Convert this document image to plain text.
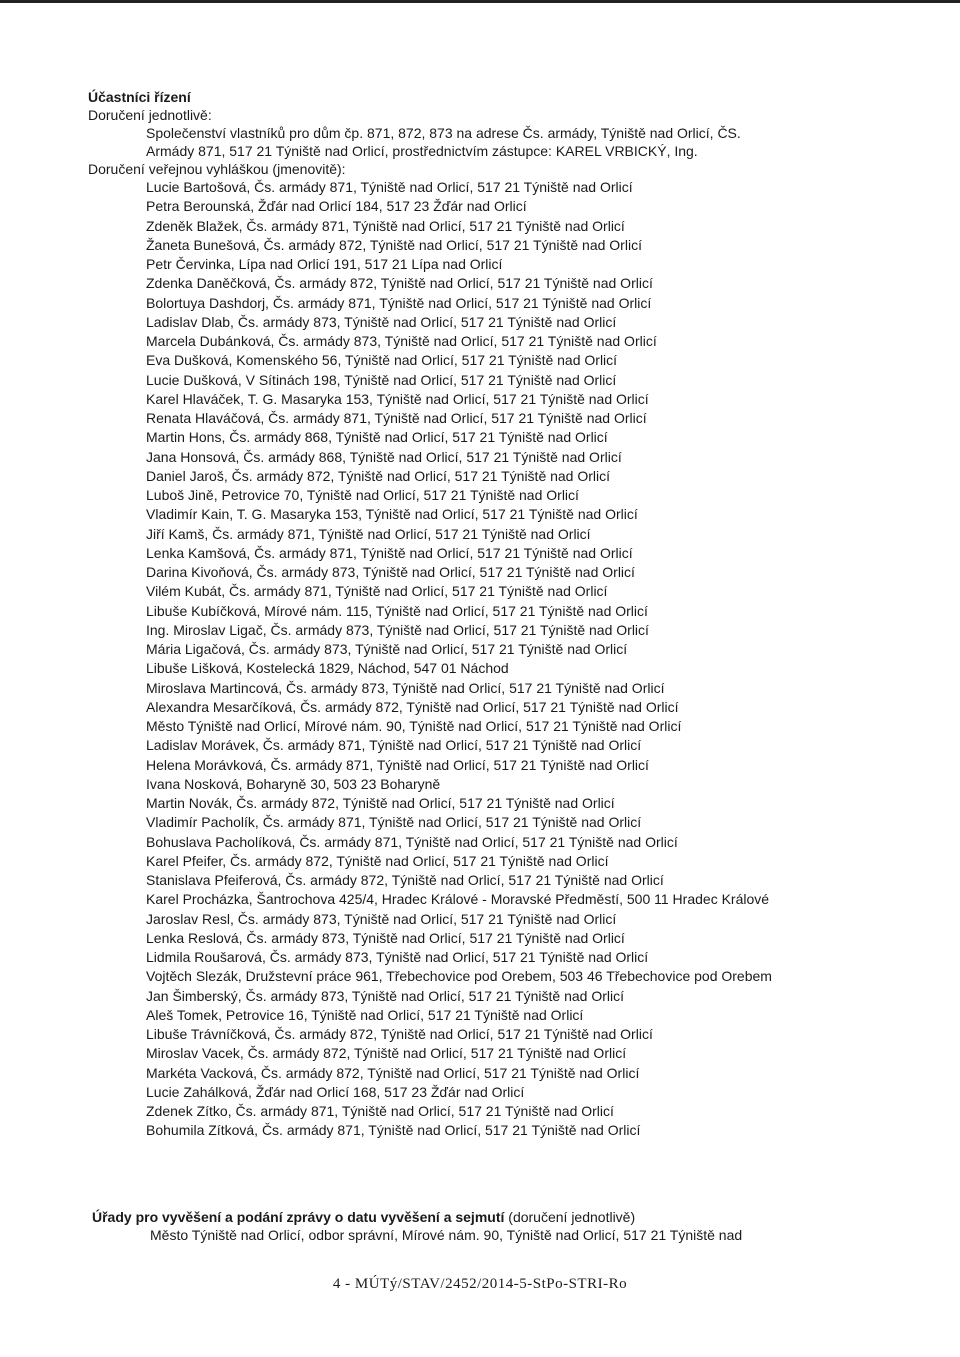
Účastníci řízení
Doručení jednotlivě:
Společenství vlastníků pro dům čp. 871, 872, 873 na adrese Čs. armády, Týniště nad Orlicí, ČS.
Armády 871, 517 21 Týniště nad Orlicí, prostřednictvím zástupce: KAREL VRBICKÝ, Ing.
Doručení veřejnou vyhláškou (jmenovitě):
Lucie Bartošová, Čs. armády 871, Týniště nad Orlicí, 517 21 Týniště nad Orlicí
Petra Berounská, Žďár nad Orlicí 184, 517 23 Žďár nad Orlicí
Zdeněk Blažek, Čs. armády 871, Týniště nad Orlicí, 517 21 Týniště nad Orlicí
Žaneta Bunešová, Čs. armády 872, Týniště nad Orlicí, 517 21 Týniště nad Orlicí
Petr Červinka, Lípa nad Orlicí 191, 517 21 Lípa nad Orlicí
Zdenka Daněčková, Čs. armády 872, Týniště nad Orlicí, 517 21 Týniště nad Orlicí
Bolortuya Dashdorj, Čs. armády 871, Týniště nad Orlicí, 517 21 Týniště nad Orlicí
Ladislav Dlab, Čs. armády 873, Týniště nad Orlicí, 517 21 Týniště nad Orlicí
Marcela Dubánková, Čs. armády 873, Týniště nad Orlicí, 517 21 Týniště nad Orlicí
Eva Dušková, Komenského 56, Týniště nad Orlicí, 517 21 Týniště nad Orlicí
Lucie Dušková, V Sítinách 198, Týniště nad Orlicí, 517 21 Týniště nad Orlicí
Karel Hlaváček, T. G. Masaryka 153, Týniště nad Orlicí, 517 21 Týniště nad Orlicí
Renata Hlaváčová, Čs. armády 871, Týniště nad Orlicí, 517 21 Týniště nad Orlicí
Martin Hons, Čs. armády 868, Týniště nad Orlicí, 517 21 Týniště nad Orlicí
Jana Honsová, Čs. armády 868, Týniště nad Orlicí, 517 21 Týniště nad Orlicí
Daniel Jaroš, Čs. armády 872, Týniště nad Orlicí, 517 21 Týniště nad Orlicí
Luboš Jině, Petrovice 70, Týniště nad Orlicí, 517 21 Týniště nad Orlicí
Vladimír Kain, T. G. Masaryka 153, Týniště nad Orlicí, 517 21 Týniště nad Orlicí
Jiří Kamš, Čs. armády 871, Týniště nad Orlicí, 517 21 Týniště nad Orlicí
Lenka Kamšová, Čs. armády 871, Týniště nad Orlicí, 517 21 Týniště nad Orlicí
Darina Kivoňová, Čs. armády 873, Týniště nad Orlicí, 517 21 Týniště nad Orlicí
Vilém Kubát, Čs. armády 871, Týniště nad Orlicí, 517 21 Týniště nad Orlicí
Libuše Kubíčková, Mírové nám. 115, Týniště nad Orlicí, 517 21 Týniště nad Orlicí
Ing. Miroslav Ligač, Čs. armády 873, Týniště nad Orlicí, 517 21 Týniště nad Orlicí
Mária Ligačová, Čs. armády 873, Týniště nad Orlicí, 517 21 Týniště nad Orlicí
Libuše Lišková, Kostelecká 1829, Náchod, 547 01 Náchod
Miroslava Martincová, Čs. armády 873, Týniště nad Orlicí, 517 21 Týniště nad Orlicí
Alexandra Mesarčíková, Čs. armády 872, Týniště nad Orlicí, 517 21 Týniště nad Orlicí
Město Týniště nad Orlicí, Mírové nám. 90, Týniště nad Orlicí, 517 21 Týniště nad Orlicí
Ladislav Morávek, Čs. armády 871, Týniště nad Orlicí, 517 21 Týniště nad Orlicí
Helena Morávková, Čs. armády 871, Týniště nad Orlicí, 517 21 Týniště nad Orlicí
Ivana Nosková, Boharyně 30, 503 23 Boharyně
Martin Novák, Čs. armády 872, Týniště nad Orlicí, 517 21 Týniště nad Orlicí
Vladimír Pacholík, Čs. armády 871, Týniště nad Orlicí, 517 21 Týniště nad Orlicí
Bohuslava Pacholíková, Čs. armády 871, Týniště nad Orlicí, 517 21 Týniště nad Orlicí
Karel Pfeifer, Čs. armády 872, Týniště nad Orlicí, 517 21 Týniště nad Orlicí
Stanislava Pfeiferová, Čs. armády 872, Týniště nad Orlicí, 517 21 Týniště nad Orlicí
Karel Procházka, Šantrochova 425/4, Hradec Králové - Moravské Předměstí, 500 11 Hradec Králové
Jaroslav Resl, Čs. armády 873, Týniště nad Orlicí, 517 21 Týniště nad Orlicí
Lenka Reslová, Čs. armády 873, Týniště nad Orlicí, 517 21 Týniště nad Orlicí
Lidmila Roušarová, Čs. armády 873, Týniště nad Orlicí, 517 21 Týniště nad Orlicí
Vojtěch Slezák, Družstevní práce 961, Třebechovice pod Orebem, 503 46 Třebechovice pod Orebem
Jan Šimberský, Čs. armády 873, Týniště nad Orlicí, 517 21 Týniště nad Orlicí
Aleš Tomek, Petrovice 16, Týniště nad Orlicí, 517 21 Týniště nad Orlicí
Libuše Trávníčková, Čs. armády 872, Týniště nad Orlicí, 517 21 Týniště nad Orlicí
Miroslav Vacek, Čs. armády 872, Týniště nad Orlicí, 517 21 Týniště nad Orlicí
Markéta Vacková, Čs. armády 872, Týniště nad Orlicí, 517 21 Týniště nad Orlicí
Lucie Zahálková, Žďár nad Orlicí 168, 517 23 Žďár nad Orlicí
Zdenek Zítko, Čs. armády 871, Týniště nad Orlicí, 517 21 Týniště nad Orlicí
Bohumila Zítková, Čs. armády 871, Týniště nad Orlicí, 517 21 Týniště nad Orlicí
Úřady pro vyvěšení a podání zprávy o datu vyvěšení a sejmutí (doručení jednotlivě)
Město Týniště nad Orlicí, odbor správní, Mírové nám. 90, Týniště nad Orlicí, 517 21 Týniště nad
4 - MÚTý/STAV/2452/2014-5-StPo-STRI-Ro
